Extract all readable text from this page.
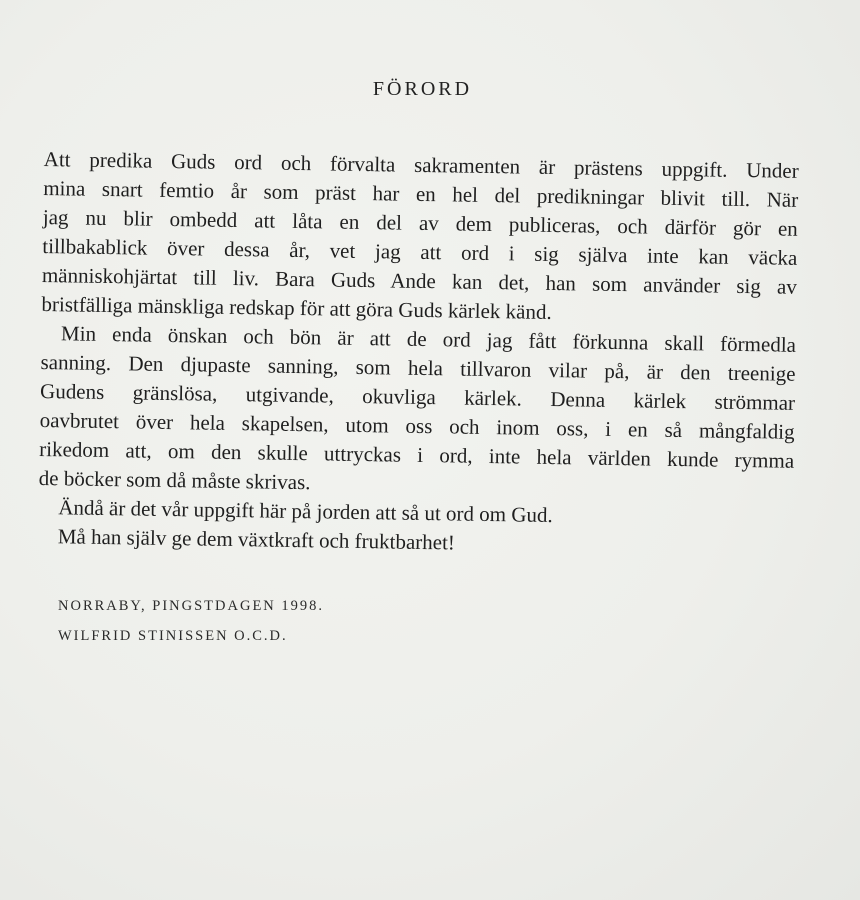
FÖRORD
Att predika Guds ord och förvalta sakramenten är prästens uppgift. Under
mina snart femtio år som präst har en hel del predikningar blivit till. När
jag nu blir ombedd att låta en del av dem publiceras, och därför gör en
tillbakablick över dessa år, vet jag att ord i sig själva inte kan väcka
människohjärtat till liv. Bara Guds Ande kan det, han som använder sig av
bristfälliga mänskliga redskap för att göra Guds kärlek känd.
Min enda önskan och bön är att de ord jag fått förkunna skall förmedla
sanning. Den djupaste sanning, som hela tillvaron vilar på, är den treenige
Gudens gränslösa, utgivande, okuvliga kärlek. Denna kärlek strömmar
oavbrutet över hela skapelsen, utom oss och inom oss, i en så mångfaldig
rikedom att, om den skulle uttryckas i ord, inte hela världen kunde rymma
de böcker som då måste skrivas.
Ändå är det vår uppgift här på jorden att så ut ord om Gud.
Må han själv ge dem växtkraft och fruktbarhet!
NORRABY, PINGSTDAGEN 1998.
WILFRID STINISSEN O.C.D.
